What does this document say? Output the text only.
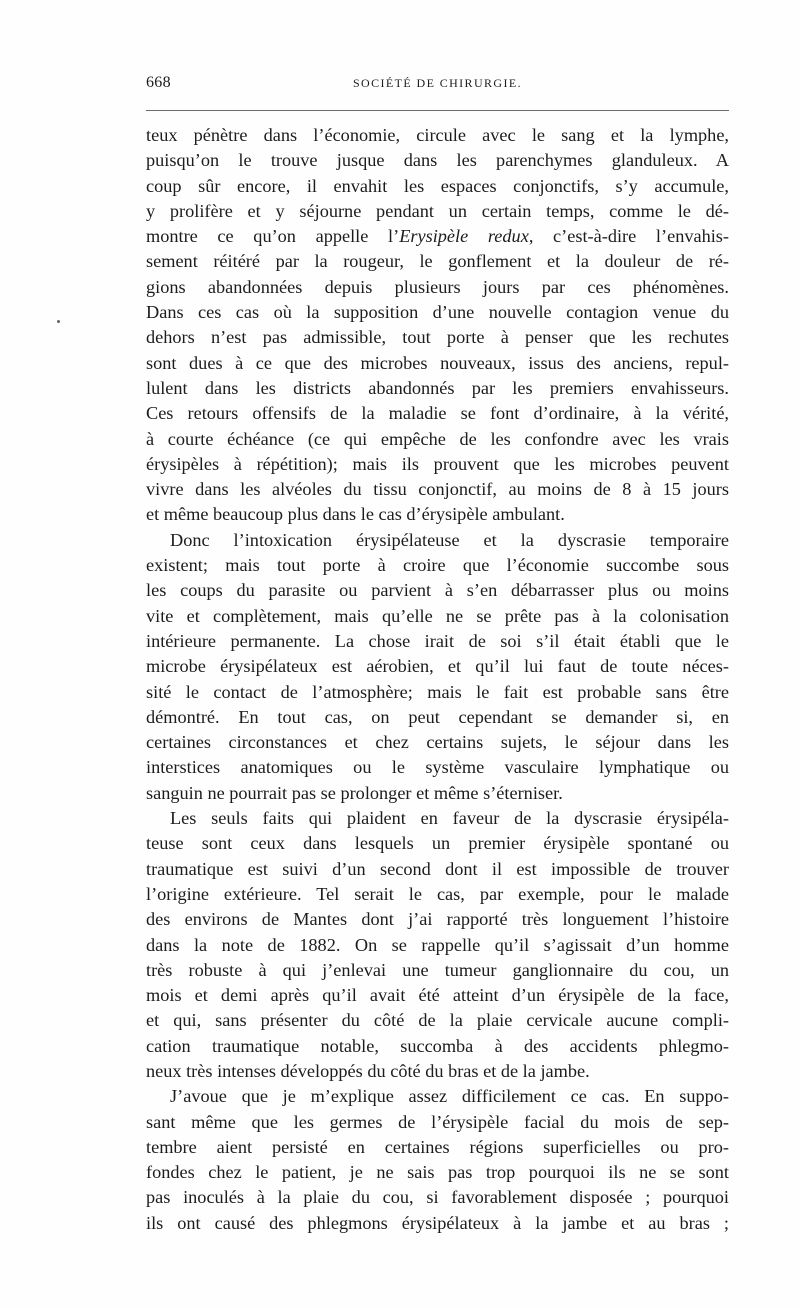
668	SOCIÉTÉ DE CHIRURGIE.
teux pénètre dans l’économie, circule avec le sang et la lymphe,
puisqu’on le trouve jusque dans les parenchymes glanduleux. A
coup sûr encore, il envahit les espaces conjonctifs, s’y accumule,
y prolifère et y séjourne pendant un certain temps, comme le dé-
montre ce qu’on appelle l’Erysipèle redux, c’est-à-dire l’envahis-
sement réitéré par la rougeur, le gonflement et la douleur de ré-
gions abandonnées depuis plusieurs jours par ces phénomènes.
Dans ces cas où la supposition d’une nouvelle contagion venue du
dehors n’est pas admissible, tout porte à penser que les rechutes
sont dues à ce que des microbes nouveaux, issus des anciens, repul-
lulent dans les districts abandonnés par les premiers envahisseurs.
Ces retours offensifs de la maladie se font d’ordinaire, à la vérité,
à courte échéance (ce qui empêche de les confondre avec les vrais
érysipèles à répétition); mais ils prouvent que les microbes peuvent
vivre dans les alvéoles du tissu conjonctif, au moins de 8 à 15 jours
et même beaucoup plus dans le cas d’érysipèle ambulant.
Donc l’intoxication érysipélateuse et la dyscrasie temporaire
existent; mais tout porte à croire que l’économie succombe sous
les coups du parasite ou parvient à s’en débarrasser plus ou moins
vite et complètement, mais qu’elle ne se prête pas à la colonisation
intérieure permanente. La chose irait de soi s’il était établi que le
microbe érysipélateux est aérobien, et qu’il lui faut de toute néces-
sité le contact de l’atmosphère; mais le fait est probable sans être
démontré. En tout cas, on peut cependant se demander si, en
certaines circonstances et chez certains sujets, le séjour dans les
interstices anatomiques ou le système vasculaire lymphatique ou
sanguin ne pourrait pas se prolonger et même s’éterniser.
Les seuls faits qui plaident en faveur de la dyscrasie érysipéla-
teuse sont ceux dans lesquels un premier érysipèle spontané ou
traumatique est suivi d’un second dont il est impossible de trouver
l’origine extérieure. Tel serait le cas, par exemple, pour le malade
des environs de Mantes dont j’ai rapporté très longuement l’histoire
dans la note de 1882. On se rappelle qu’il s’agissait d’un homme
très robuste à qui j’enlevai une tumeur ganglionnaire du cou, un
mois et demi après qu’il avait été atteint d’un érysipèle de la face,
et qui, sans présenter du côté de la plaie cervicale aucune compli-
cation traumatique notable, succomba à des accidents phlegmo-
neux très intenses développés du côté du bras et de la jambe.
J’avoue que je m’explique assez difficilement ce cas. En suppo-
sant même que les germes de l’érysipèle facial du mois de sep-
tembre aient persisté en certaines régions superficielles ou pro-
fondes chez le patient, je ne sais pas trop pourquoi ils ne se sont
pas inoculés à la plaie du cou, si favorablement disposée ; pourquoi
ils ont causé des phlegmons érysipélateux à la jambe et au bras ;
